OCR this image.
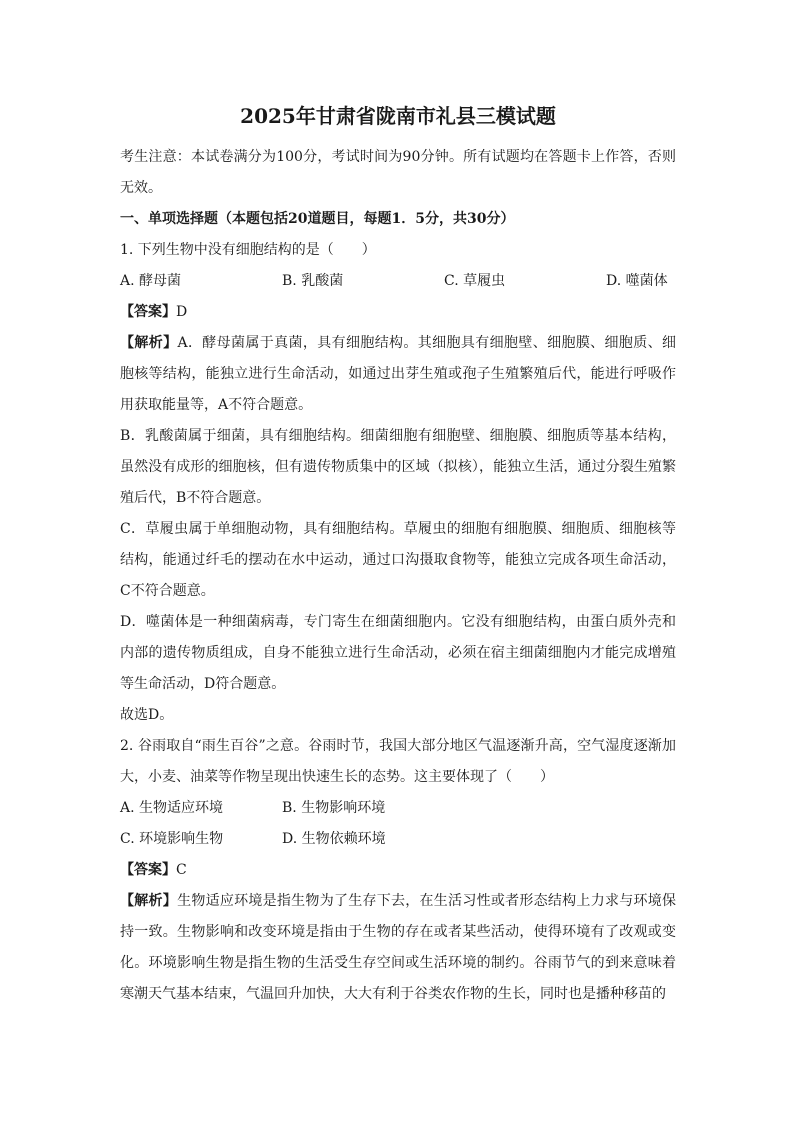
2025年甘肃省陇南市礼县三模试题

考生注意：本试卷满分为100分，考试时间为90分钟。所有试题均在答题卡上作答，否则无效。

一、单项选择题（本题包括20道题目，每题1．5分，共30分）

1. 下列生物中没有细胞结构的是（　　）

A. 酵母菌	B. 乳酸菌	C. 草履虫	D. 噬菌体

【答案】D

【解析】A．酵母菌属于真菌，具有细胞结构。其细胞具有细胞壁、细胞膜、细胞质、细胞核等结构，能独立进行生命活动，如通过出芽生殖或孢子生殖繁殖后代，能进行呼吸作用获取能量等，A不符合题意。

B．乳酸菌属于细菌，具有细胞结构。细菌细胞有细胞壁、细胞膜、细胞质等基本结构，虽然没有成形的细胞核，但有遗传物质集中的区域（拟核），能独立生活，通过分裂生殖繁殖后代，B不符合题意。

C．草履虫属于单细胞动物，具有细胞结构。草履虫的细胞有细胞膜、细胞质、细胞核等结构，能通过纤毛的摆动在水中运动，通过口沟摄取食物等，能独立完成各项生命活动，C不符合题意。

D．噬菌体是一种细菌病毒，专门寄生在细菌细胞内。它没有细胞结构，由蛋白质外壳和内部的遗传物质组成，自身不能独立进行生命活动，必须在宿主细菌细胞内才能完成增殖等生命活动，D符合题意。

故选D。

2. 谷雨取自“雨生百谷”之意。谷雨时节，我国大部分地区气温逐渐升高，空气湿度逐渐加大，小麦、油菜等作物呈现出快速生长的态势。这主要体现了（　　）

A. 生物适应环境	B. 生物影响环境
C. 环境影响生物	D. 生物依赖环境

【答案】C

【解析】生物适应环境是指生物为了生存下去，在生活习性或者形态结构上力求与环境保持一致。生物影响和改变环境是指由于生物的存在或者某些活动，使得环境有了改观或变化。环境影响生物是指生物的生活受生存空间或生活环境的制约。谷雨节气的到来意味着寒潮天气基本结束，气温回升加快，大大有利于谷类农作物的生长，同时也是播种移苗的
